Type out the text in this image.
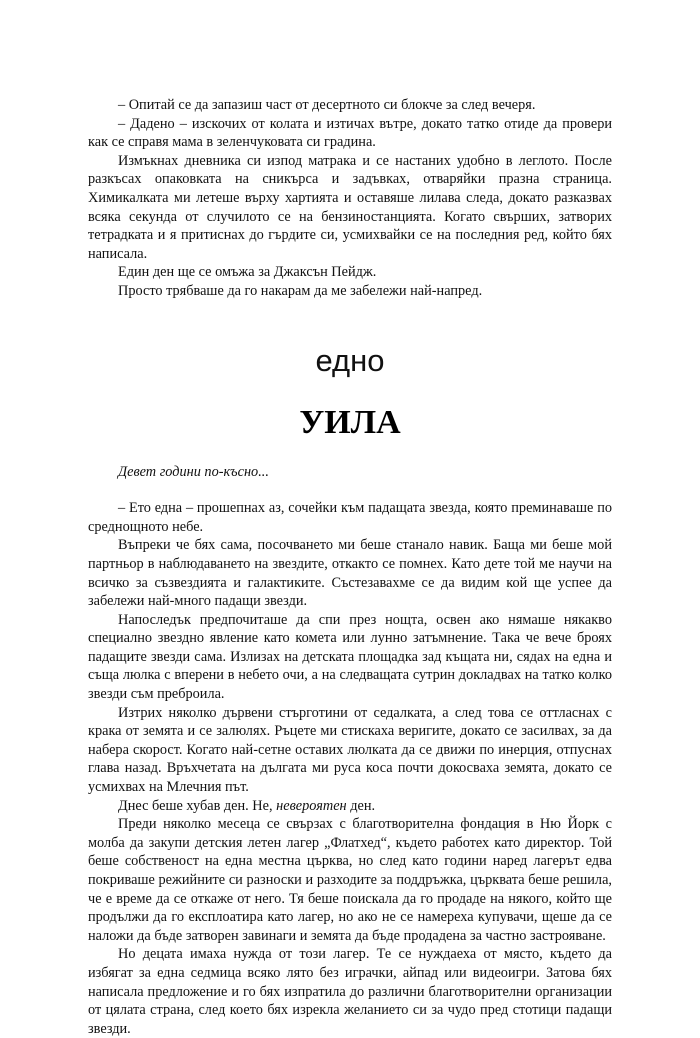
– Опитай се да запазиш част от десертното си блокче за след вечеря.

– Дадено – изскочих от колата и изтичах вътре, докато татко отиде да провери как се справя мама в зеленчуковата си градина.

Измъкнах дневника си изпод матрака и се настаних удобно в леглото. После разкъсах опаковката на сникърса и задъвках, отваряйки празна страница. Химикалката ми летеше върху хартията и оставяше лилава следа, докато разказвах всяка секунда от случилото се на бензиностанцията. Когато свърших, затворих тетрадката и я притиснах до гърдите си, усмихвайки се на последния ред, който бях написала.

Един ден ще се омъжа за Джаксън Пейдж.

Просто трябваше да го накарам да ме забележи най-напред.

едно
УИЛА

Девет години по-късно...

– Ето една – прошепнах аз, сочейки към падащата звезда, която преминаваше по среднощното небе.

Въпреки че бях сама, посочването ми беше станало навик. Баща ми беше мой партньор в наблюдаването на звездите, откакто се помнех. Като дете той ме научи на всичко за съзвездията и галактиките. Състезавахме се да видим кой ще успее да забележи най-много падащи звезди.

Напоследък предпочиташе да спи през нощта, освен ако нямаше някакво специално звездно явление като комета или лунно затъмнение. Така че вече броях падащите звезди сама. Излизах на детската площадка зад къщата ни, сядах на една и съща люлка с вперени в небето очи, а на следващата сутрин докладвах на татко колко звезди съм преброила.

Изтрих няколко дървени стърготини от седалката, а след това се оттласнах с крака от земята и се залюлях. Ръцете ми стискаха веригите, докато се засилвах, за да набера скорост. Когато най-сетне оставих люлката да се движи по инерция, отпуснах глава назад. Връхчетата на дългата ми руса коса почти докосваха земята, докато се усмихвах на Млечния път.

Днес беше хубав ден. Не, невероятен ден.

Преди няколко месеца се свързах с благотворителна фондация в Ню Йорк с молба да закупи детския летен лагер „Флатхед“, където работех като директор. Той беше собственост на една местна църква, но след като години наред лагерът едва покриваше режийните си разноски и разходите за поддръжка, църквата беше решила, че е време да се откаже от него. Тя беше поискала да го продаде на някого, който ще продължи да го експлоатира като лагер, но ако не се намереха купувачи, щеше да се наложи да бъде затворен завинаги и земята да бъде продадена за частно застрояване.

Но децата имаха нужда от този лагер. Те се нуждаеха от място, където да избягат за една седмица всяко лято без играчки, айпад или видеоигри. Затова бях написала предложение и го бях изпратила до различни благотворителни организации от цялата страна, след което бях изрекла желанието си за чудо пред стотици падащи звезди.
